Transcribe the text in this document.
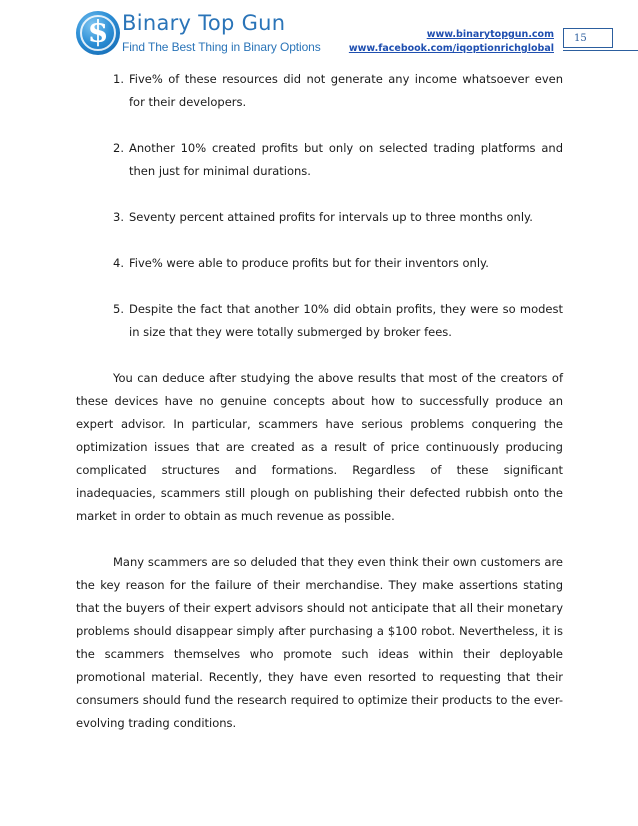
$ Binary Top Gun
Find The Best Thing in Binary Options
www.binarytopgun.com
www.facebook.com/iqoptionrichglobal
15
1. Five% of these resources did not generate any income whatsoever even for their developers.
2. Another 10% created profits but only on selected trading platforms and then just for minimal durations.
3. Seventy percent attained profits for intervals up to three months only.
4. Five% were able to produce profits but for their inventors only.
5. Despite the fact that another 10% did obtain profits, they were so modest in size that they were totally submerged by broker fees.

You can deduce after studying the above results that most of the creators of these devices have no genuine concepts about how to successfully produce an expert advisor. In particular, scammers have serious problems conquering the optimization issues that are created as a result of price continuously producing complicated structures and formations. Regardless of these significant inadequacies, scammers still plough on publishing their defected rubbish onto the market in order to obtain as much revenue as possible.

Many scammers are so deluded that they even think their own customers are the key reason for the failure of their merchandise. They make assertions stating that the buyers of their expert advisors should not anticipate that all their monetary problems should disappear simply after purchasing a $100 robot. Nevertheless, it is the scammers themselves who promote such ideas within their deployable promotional material. Recently, they have even resorted to requesting that their consumers should fund the research required to optimize their products to the ever-evolving trading conditions.
